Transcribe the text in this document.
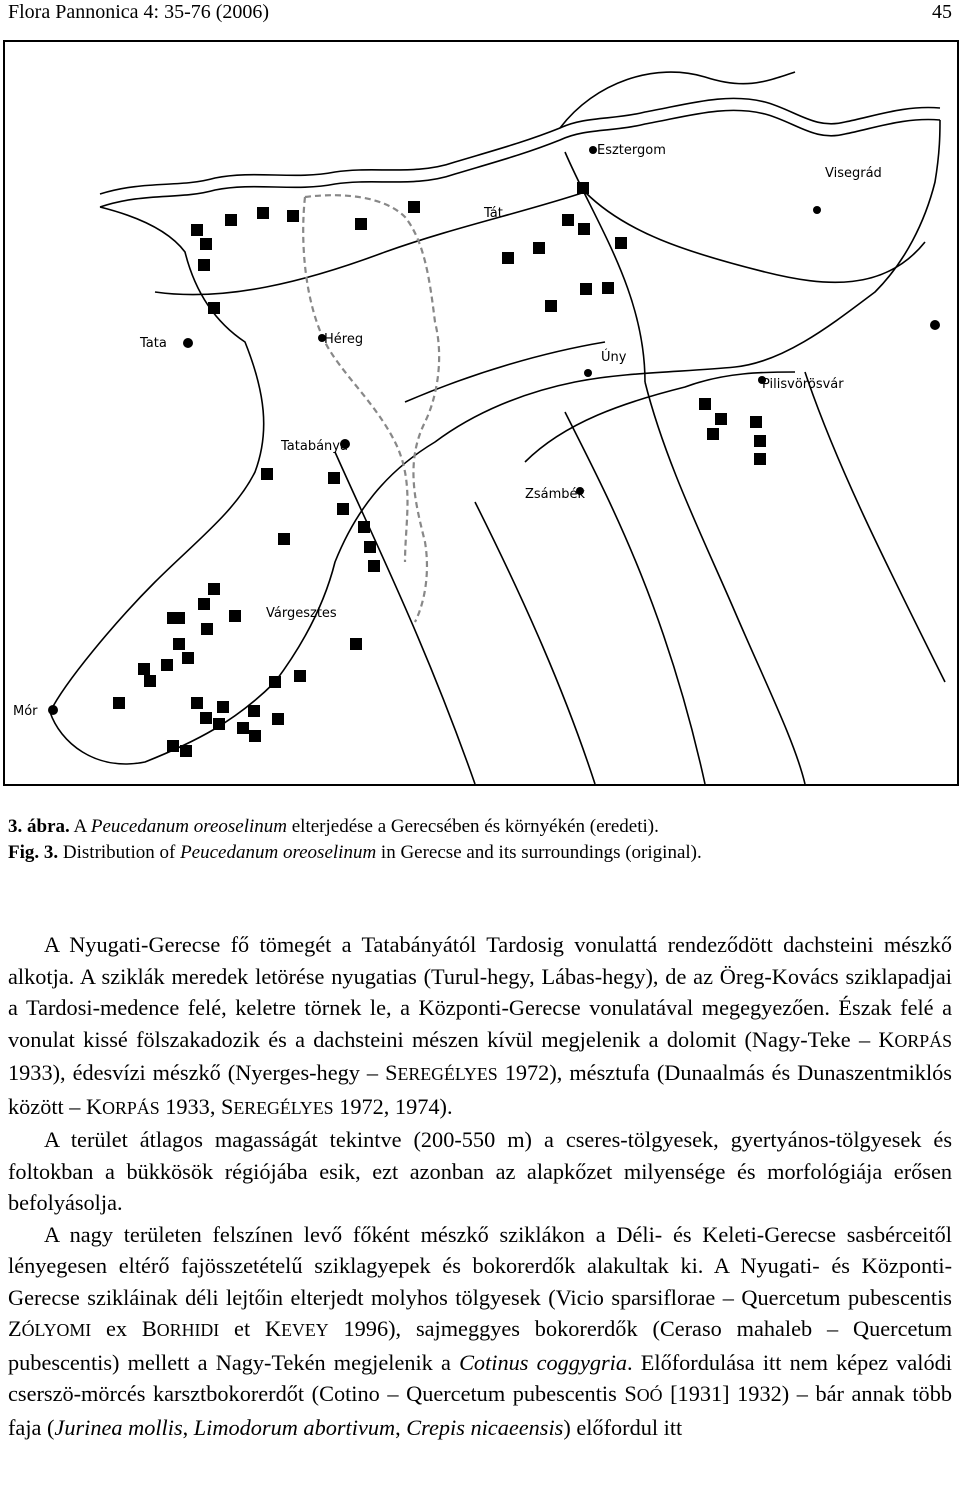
Flora Pannonica 4: 35-76 (2006)	45
Esztergom
Visegrád
Tát
Tata	Héreg
Úny
Pilisvörösvár
Tatabánya
Zsámbék
Várgesztes
Mór
3. ábra. A Peucedanum oreoselinum elterjedése a Gerecsében és környékén (eredeti).
Fig. 3. Distribution of Peucedanum oreoselinum in Gerecse and its surroundings (original).

A Nyugati-Gerecse fő tömegét a Tatabányától Tardosig vonulattá rendeződött dachsteini mészkő alkotja. A sziklák meredek letörése nyugatias (Turul-hegy, Lábas-hegy), de az Öreg-Kovács sziklapadjai a Tardosi-medence felé, keletre törnek le, a Központi-Gerecse vonulatával megegyezően. Észak felé a vonulat kissé fölszakadozik és a dachsteini mészen kívül megjelenik a dolomit (Nagy-Teke – KORPÁS 1933), édesvízi mészkő (Nyerges-hegy – SEREGÉLYES 1972), mésztufa (Dunaalmás és Dunaszentmiklós között – KORPÁS 1933, SEREGÉLYES 1972, 1974).

A terület átlagos magasságát tekintve (200-550 m) a cseres-tölgyesek, gyertyános-tölgyesek és foltokban a bükkösök régiójába esik, ezt azonban az alapkőzet milyensége és morfológiája erősen befolyásolja.

A nagy területen felszínen levő főként mészkő sziklákon a Déli- és Keleti-Gerecse sasbérceitől lényegesen eltérő fajösszetételű sziklagyepek és bokorerdők alakultak ki. A Nyugati- és Központi-Gerecse szikláinak déli lejtőin elterjedt molyhos tölgyesek (Vicio sparsiflorae – Quercetum pubescentis ZÓLYOMI ex BORHIDI et KEVEY 1996), sajmeggyes bokorerdők (Ceraso mahaleb – Quercetum pubescentis) mellett a Nagy-Tekén megjelenik a Cotinus coggygria. Előfordulása itt nem képez valódi cserszö-mörcés karsztbokorerdőt (Cotino – Quercetum pubescentis SOÓ [1931] 1932) – bár annak több faja (Jurinea mollis, Limodorum abortivum, Crepis nicaeensis) előfordul itt
